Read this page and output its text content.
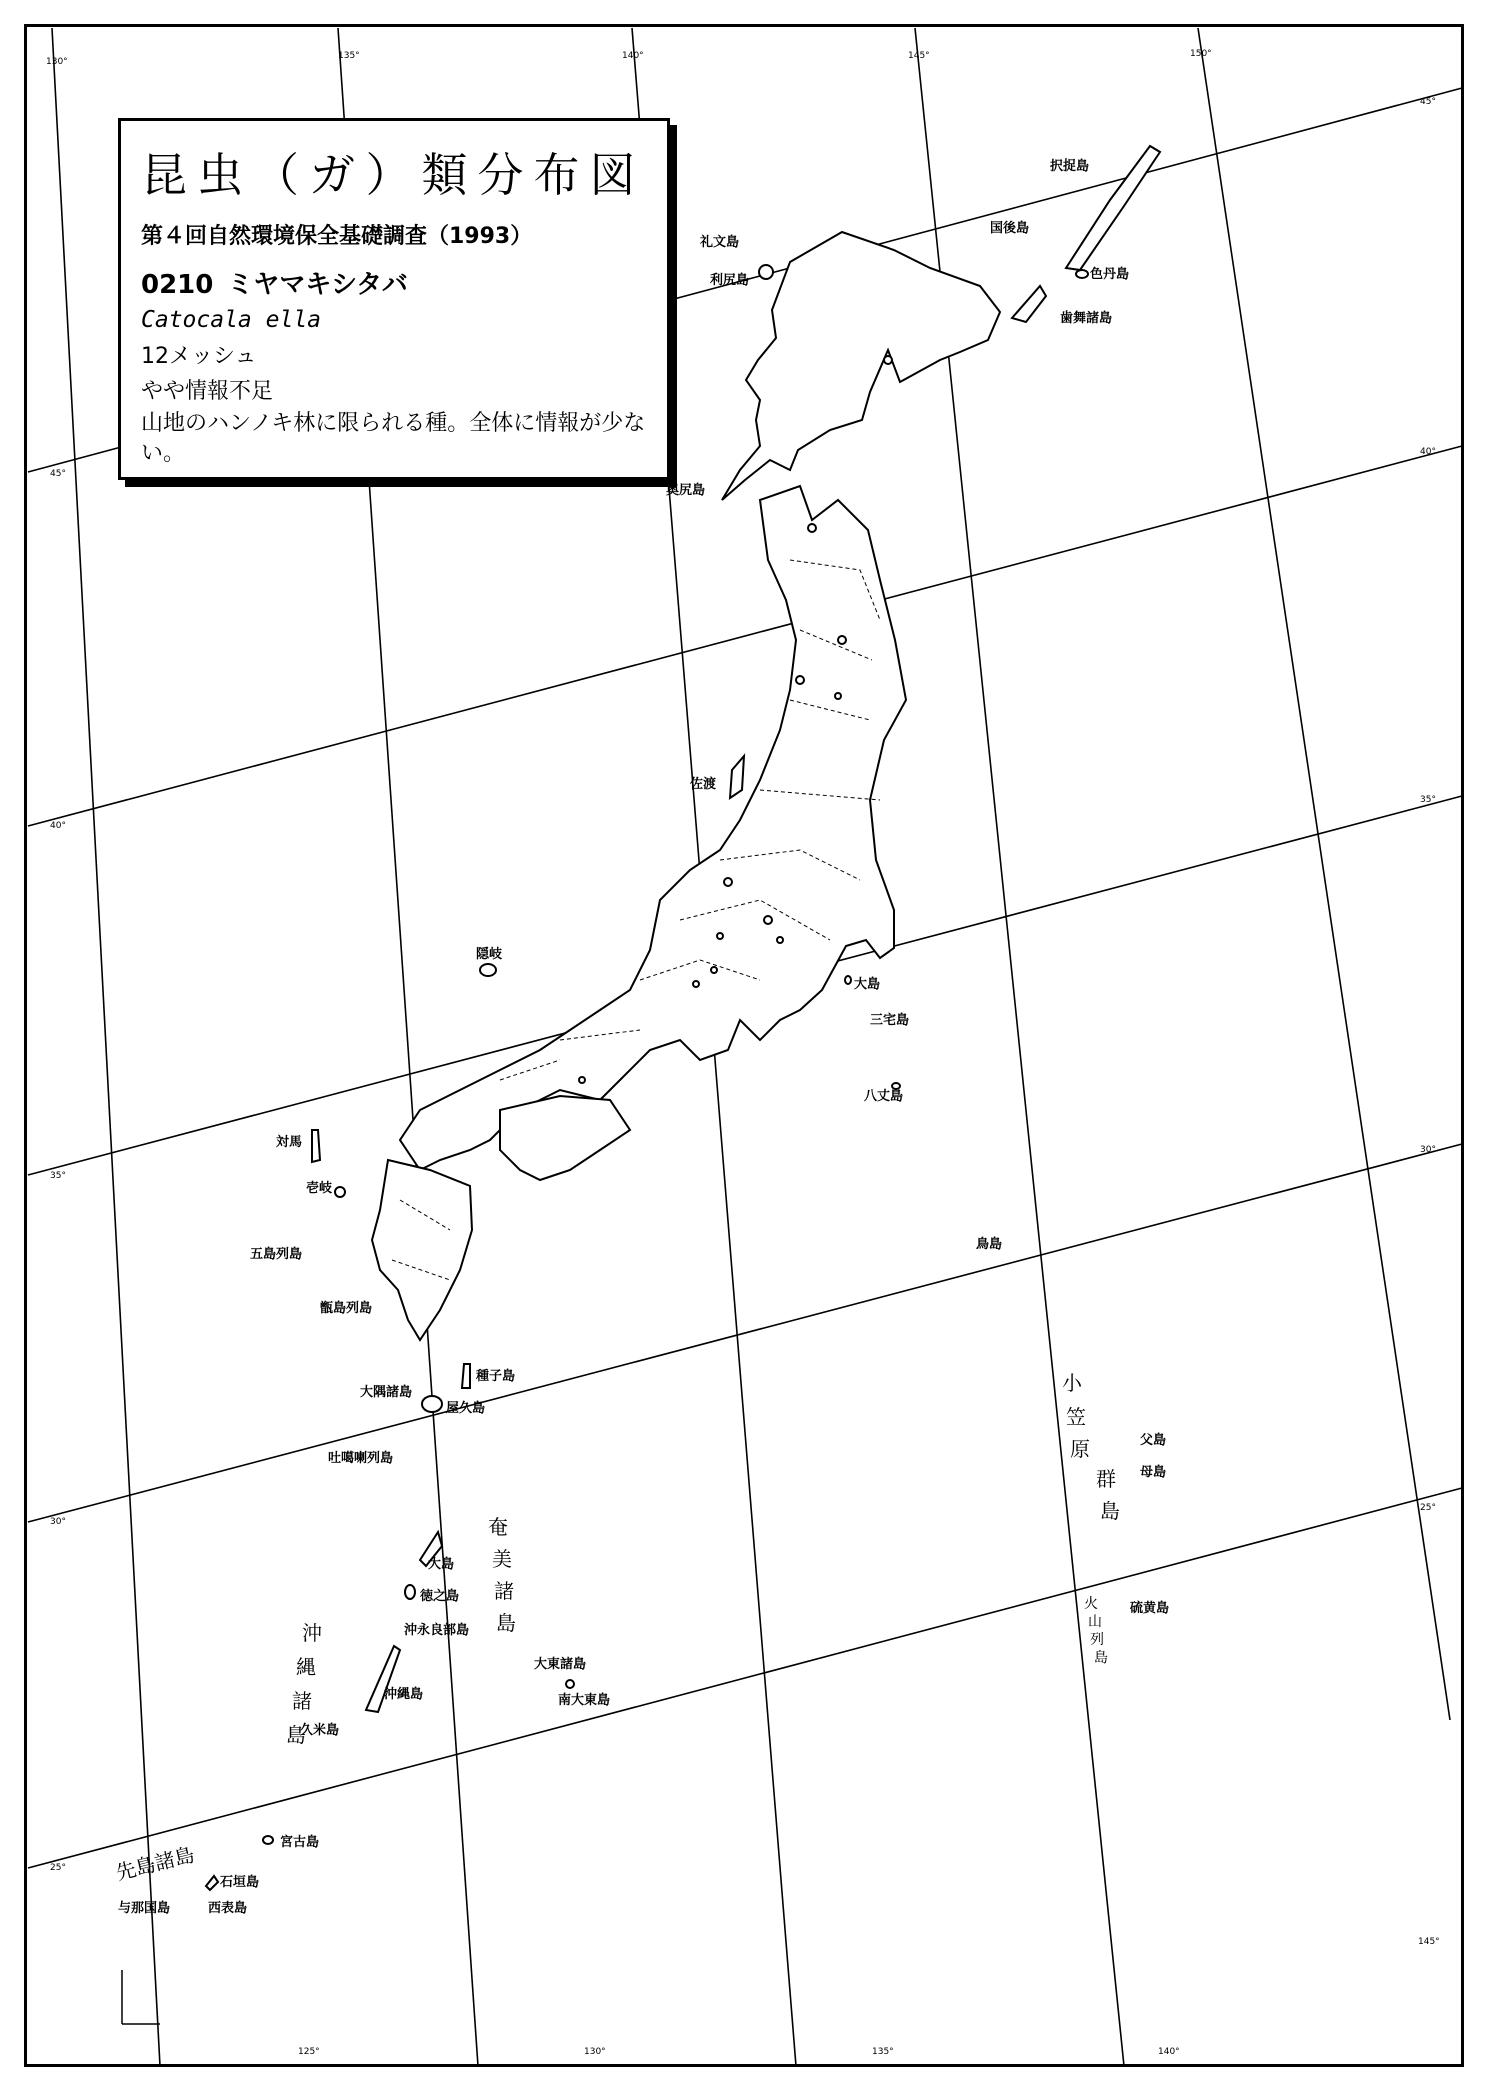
130°
135°	140°	145°	150°
125°	130°	135°	140°
45°
40°
35°
30°
25°
45°
40°
35°
30°
25°
145°
択捉島
国後島
色丹島
歯舞諸島
礼文島
利尻島
奥尻島
佐渡
隠岐
大島
三宅島
八丈島
対馬
壱岐
五島列島
甑島列島
種子島
大隅諸島
屋久島
吐噶喇列島
鳥島
父島
母島
大島
徳之島
沖永良部島
大東諸島
南大東島
沖縄島
久米島
宮古島
石垣島
与那国島	西表島
硫黄島
小
笠
原
群
島
奄
美
諸
島
沖
縄
諸
島
火
山
列
島
先島諸島
昆虫（ガ）類分布図
第４回自然環境保全基礎調査（1993）
0210 ミヤマキシタバ
Catocala ella
12メッシュ
やや情報不足
山地のハンノキ林に限られる種。全体に情報が少ない。
